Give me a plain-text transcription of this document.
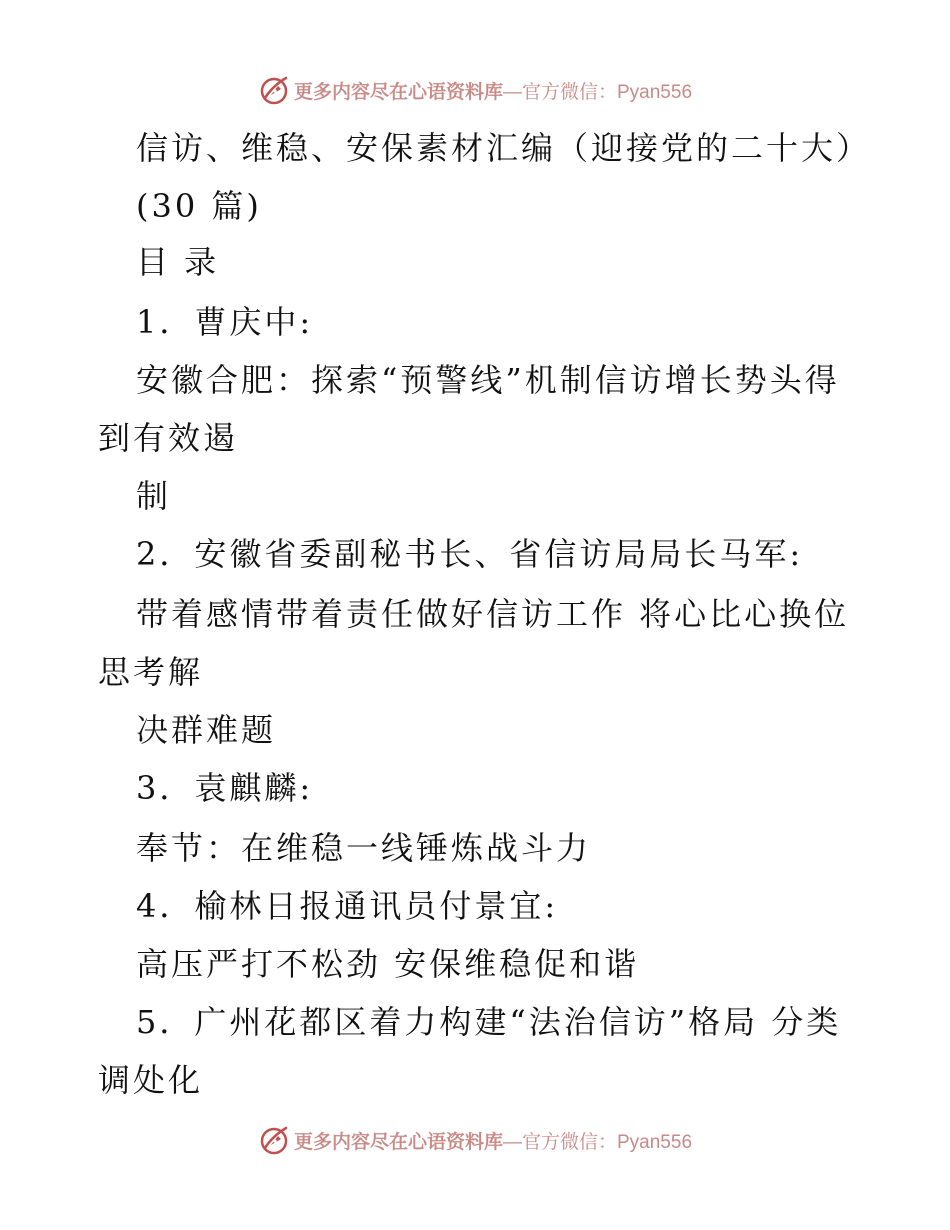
更多内容尽在心语资料库 —官方微信：Pyan556
信访、维稳、安保素材汇编（迎接党的二十大）
(30 篇)
目 录
1．曹庆中:
安徽合肥：探索“预警线”机制信访增长势头得
到有效遏
制
2．安徽省委副秘书长、省信访局局长马军:
带着感情带着责任做好信访工作 将心比心换位
思考解
决群难题
3．袁麒麟:
奉节：在维稳一线锤炼战斗力
4．榆林日报通讯员付景宜:
高压严打不松劲 安保维稳促和谐
5．广州花都区着力构建“法治信访”格局 分类
调处化
更多内容尽在心语资料库 —官方微信：Pyan556
